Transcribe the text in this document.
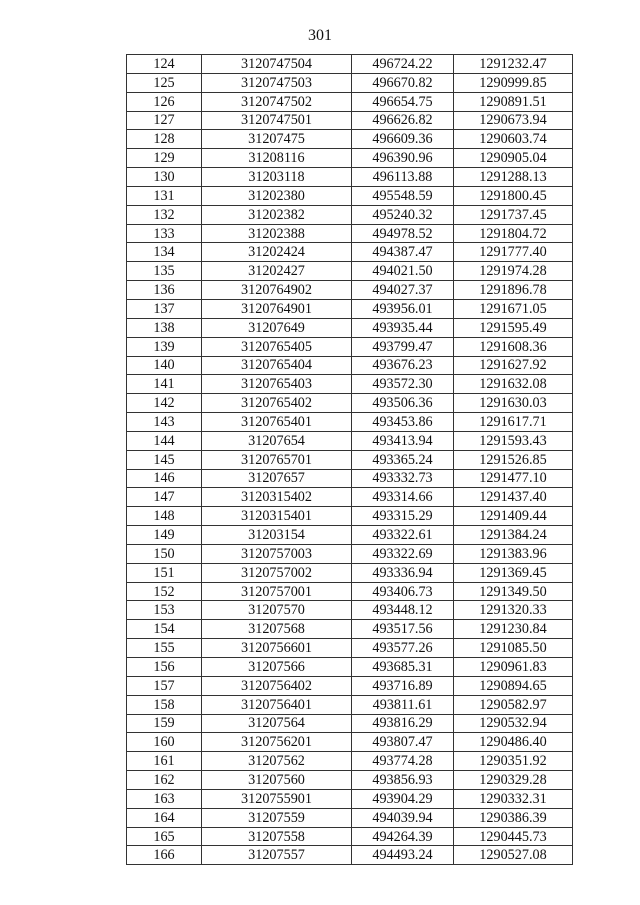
301
124	3120747504	496724.22	1291232.47
125	3120747503	496670.82	1290999.85
126	3120747502	496654.75	1290891.51
127	3120747501	496626.82	1290673.94
128	31207475	496609.36	1290603.74
129	31208116	496390.96	1290905.04
130	31203118	496113.88	1291288.13
131	31202380	495548.59	1291800.45
132	31202382	495240.32	1291737.45
133	31202388	494978.52	1291804.72
134	31202424	494387.47	1291777.40
135	31202427	494021.50	1291974.28
136	3120764902	494027.37	1291896.78
137	3120764901	493956.01	1291671.05
138	31207649	493935.44	1291595.49
139	3120765405	493799.47	1291608.36
140	3120765404	493676.23	1291627.92
141	3120765403	493572.30	1291632.08
142	3120765402	493506.36	1291630.03
143	3120765401	493453.86	1291617.71
144	31207654	493413.94	1291593.43
145	3120765701	493365.24	1291526.85
146	31207657	493332.73	1291477.10
147	3120315402	493314.66	1291437.40
148	3120315401	493315.29	1291409.44
149	31203154	493322.61	1291384.24
150	3120757003	493322.69	1291383.96
151	3120757002	493336.94	1291369.45
152	3120757001	493406.73	1291349.50
153	31207570	493448.12	1291320.33
154	31207568	493517.56	1291230.84
155	3120756601	493577.26	1291085.50
156	31207566	493685.31	1290961.83
157	3120756402	493716.89	1290894.65
158	3120756401	493811.61	1290582.97
159	31207564	493816.29	1290532.94
160	3120756201	493807.47	1290486.40
161	31207562	493774.28	1290351.92
162	31207560	493856.93	1290329.28
163	3120755901	493904.29	1290332.31
164	31207559	494039.94	1290386.39
165	31207558	494264.39	1290445.73
166	31207557	494493.24	1290527.08
